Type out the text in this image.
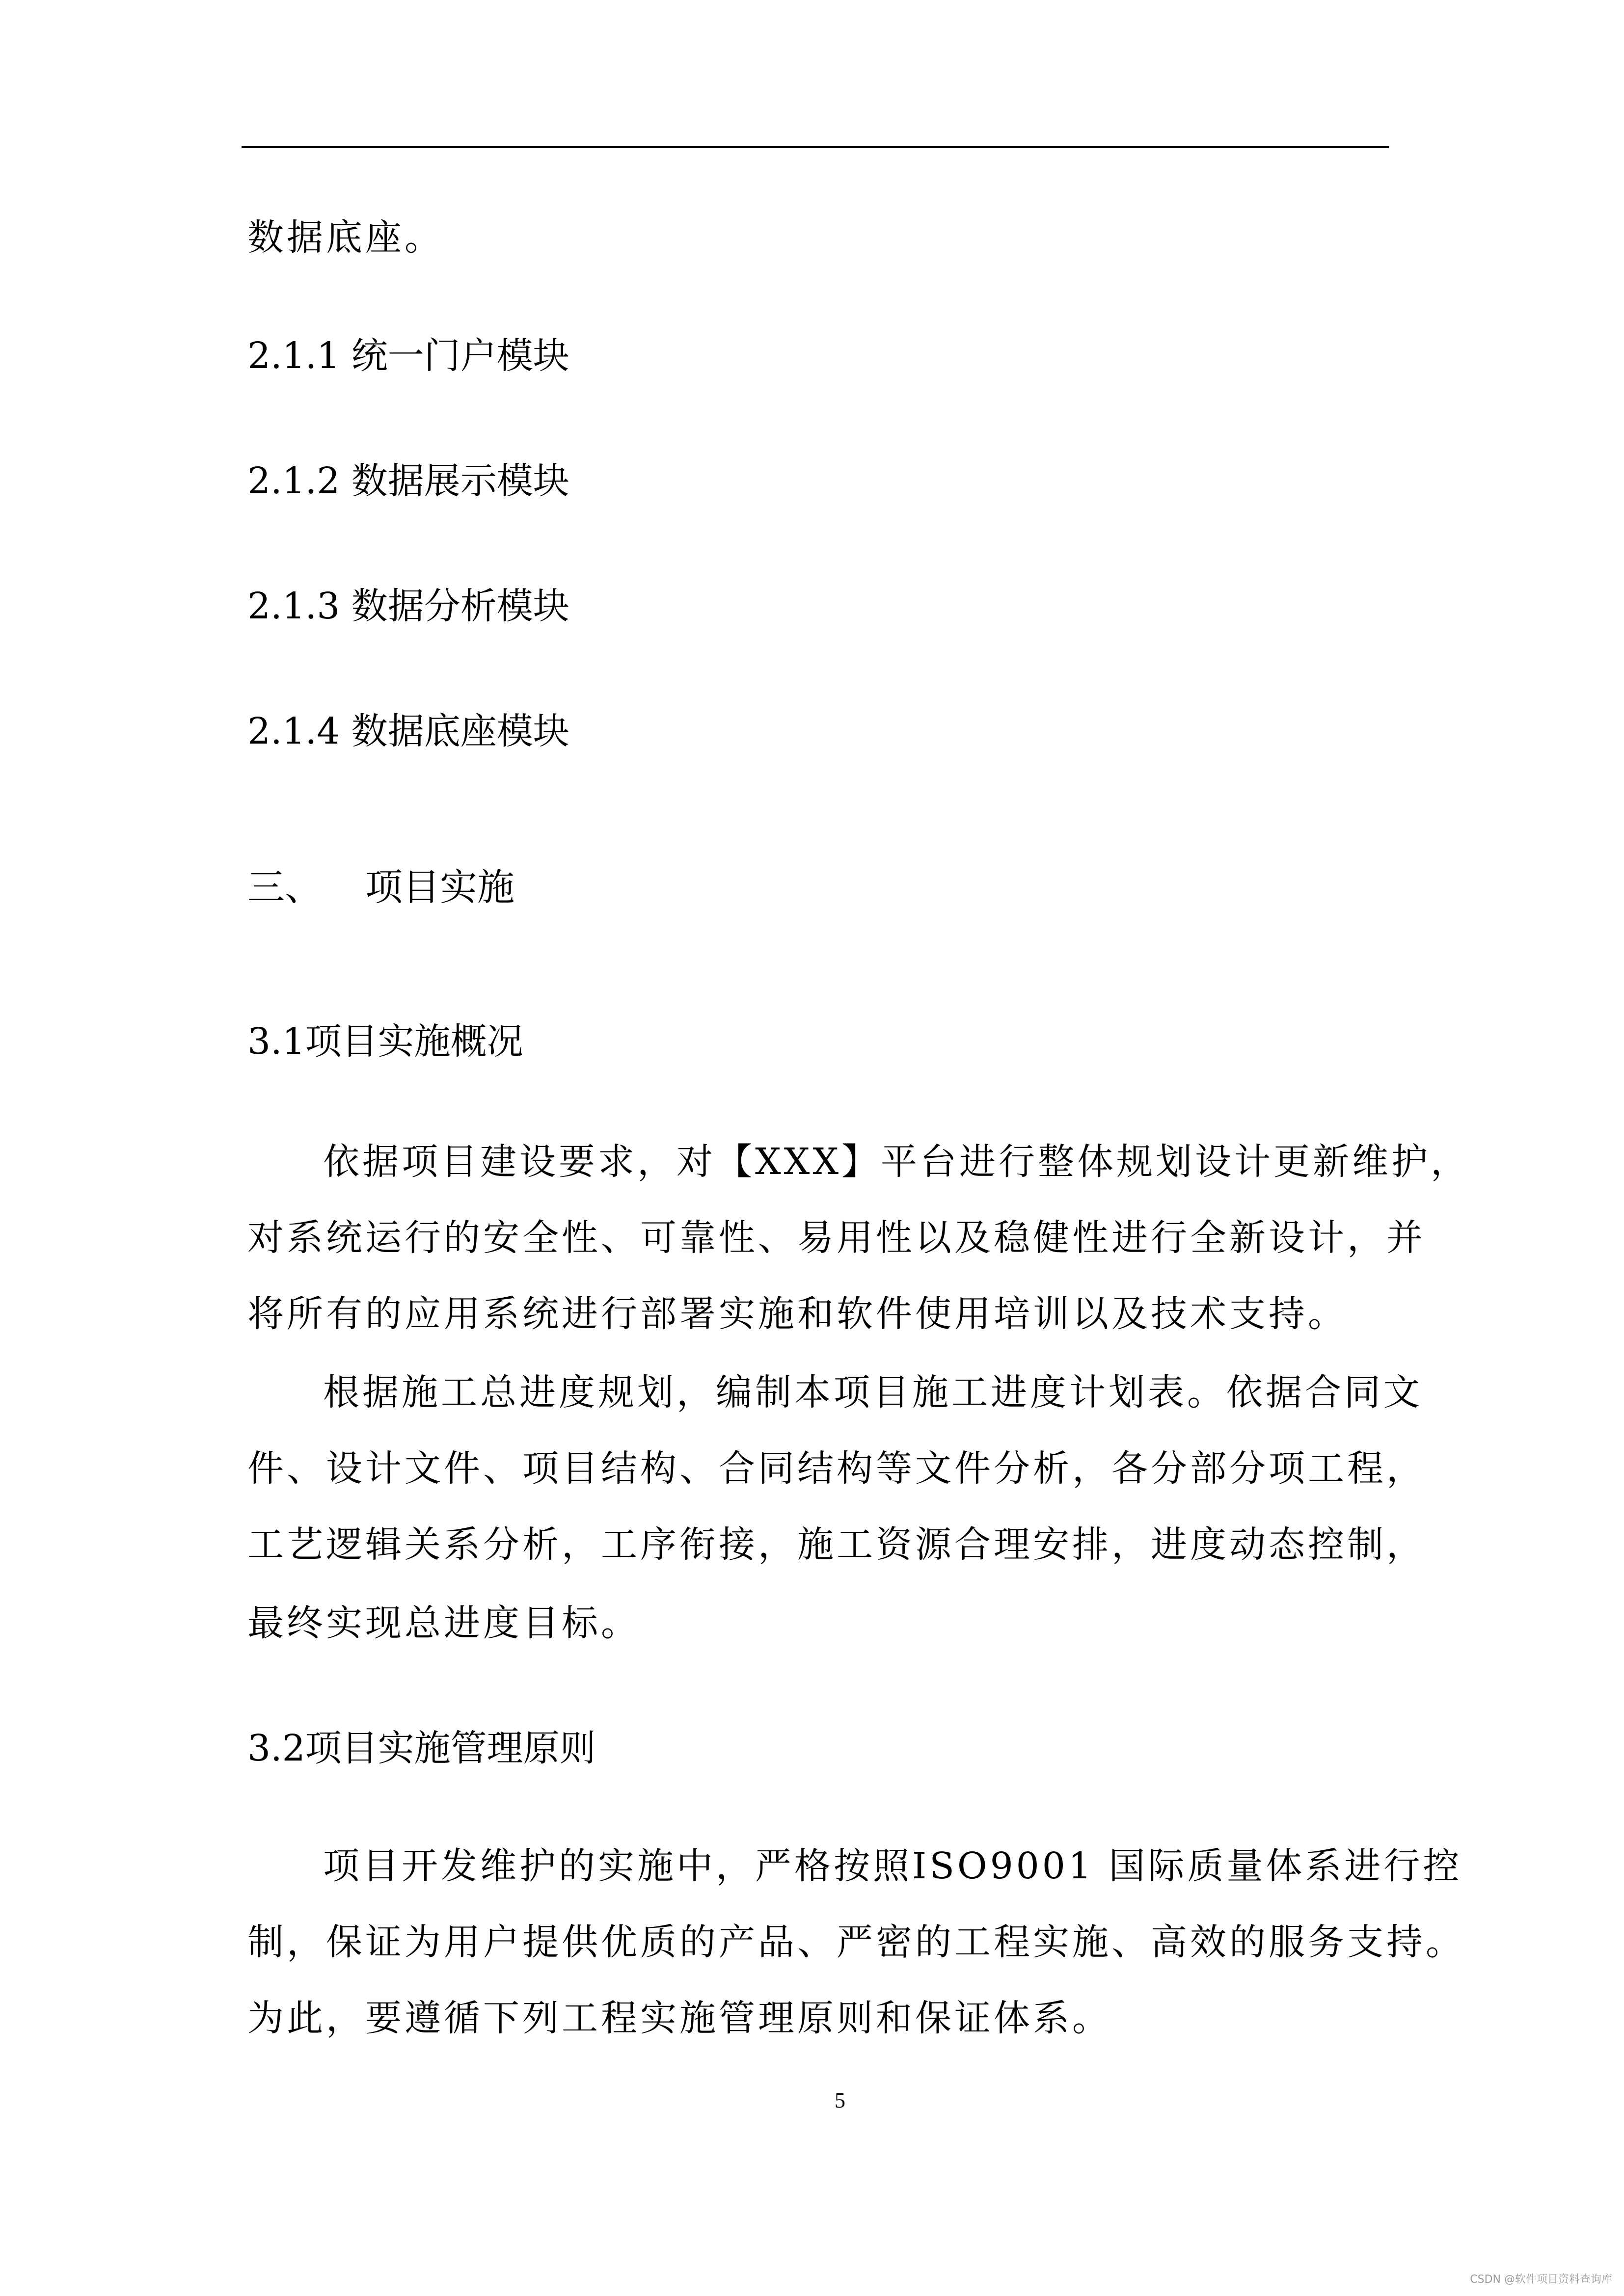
数据底座。
2.1.1 统一门户模块
2.1.2 数据展示模块
2.1.3 数据分析模块
2.1.4 数据底座模块
三、 项目实施
3.1项目实施概况
依据项目建设要求，对【XXX】平台进行整体规划设计更新维护，
对系统运行的安全性、可靠性、易用性以及稳健性进行全新设计，并
将所有的应用系统进行部署实施和软件使用培训以及技术支持。
根据施工总进度规划，编制本项目施工进度计划表。依据合同文
件、设计文件、项目结构、合同结构等文件分析，各分部分项工程，
工艺逻辑关系分析，工序衔接，施工资源合理安排，进度动态控制，
最终实现总进度目标。
3.2项目实施管理原则
项目开发维护的实施中，严格按照ISO9001 国际质量体系进行控
制，保证为用户提供优质的产品、严密的工程实施、高效的服务支持。
为此，要遵循下列工程实施管理原则和保证体系。
5
CSDN @软件项目资料查询库
